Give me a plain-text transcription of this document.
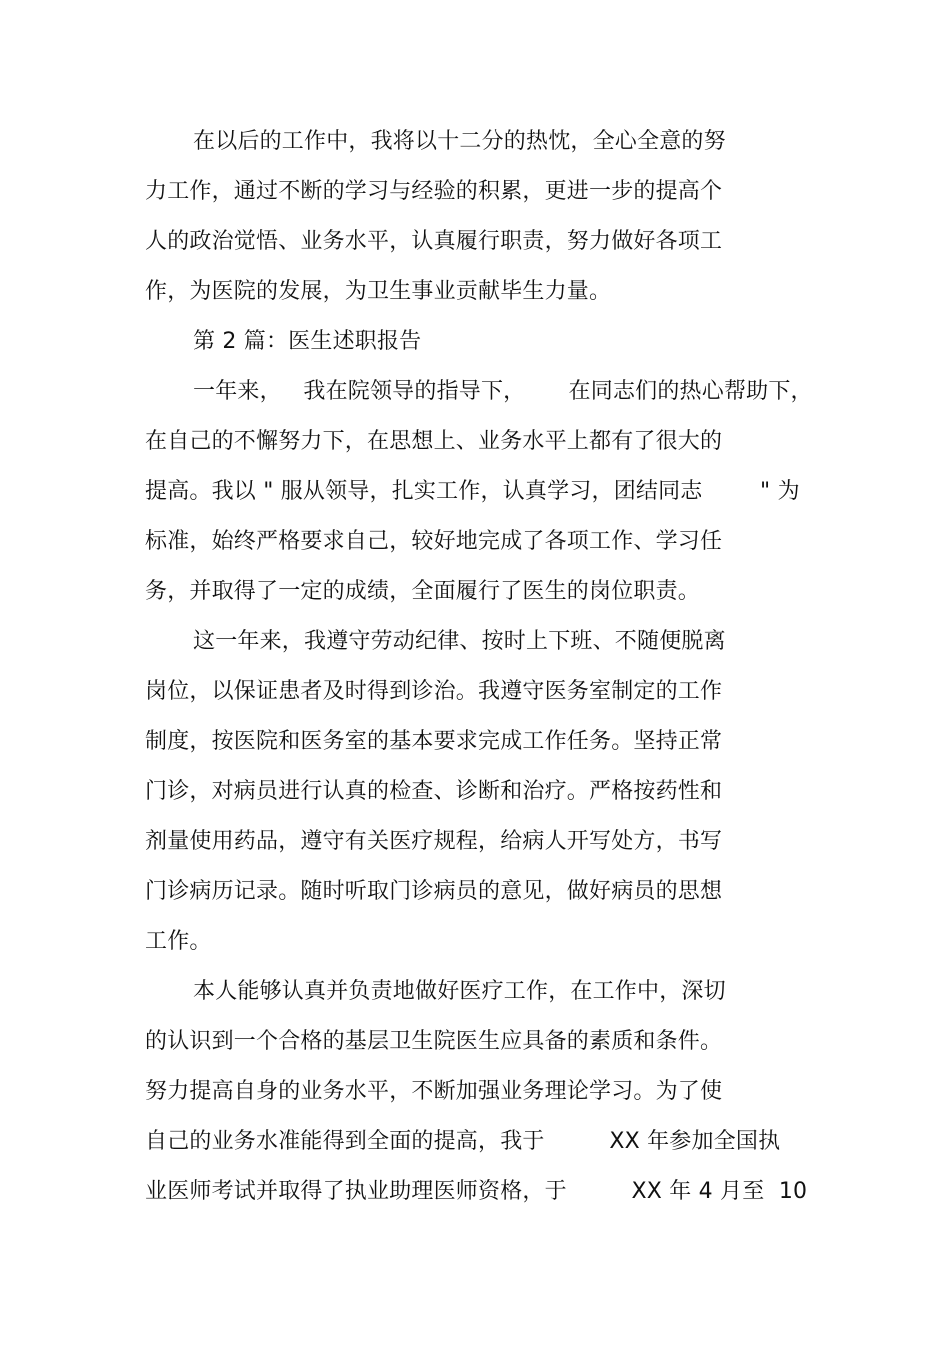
在以后的工作中，我将以十二分的热忱，全心全意的努
力工作，通过不断的学习与经验的积累，更进一步的提高个
人的政治觉悟、业务水平，认真履行职责，努力做好各项工
作，为医院的发展，为卫生事业贡献毕生力量。
第 2 篇：医生述职报告
一年来，   我在院领导的指导下，      在同志们的热心帮助下，
在自己的不懈努力下，在思想上、业务水平上都有了很大的
提高。我以 " 服从领导，扎实工作，认真学习，团结同志        " 为
标准，始终严格要求自己，较好地完成了各项工作、学习任
务，并取得了一定的成绩，全面履行了医生的岗位职责。
这一年来，我遵守劳动纪律、按时上下班、不随便脱离
岗位，以保证患者及时得到诊治。我遵守医务室制定的工作
制度，按医院和医务室的基本要求完成工作任务。坚持正常
门诊，对病员进行认真的检查、诊断和治疗。严格按药性和
剂量使用药品，遵守有关医疗规程，给病人开写处方，书写
门诊病历记录。随时听取门诊病员的意见，做好病员的思想
工作。
本人能够认真并负责地做好医疗工作，在工作中，深切
的认识到一个合格的基层卫生院医生应具备的素质和条件。
努力提高自身的业务水平，不断加强业务理论学习。为了使
自己的业务水准能得到全面的提高，我于         XX 年参加全国执
业医师考试并取得了执业助理医师资格，于         XX 年 4 月至  10
